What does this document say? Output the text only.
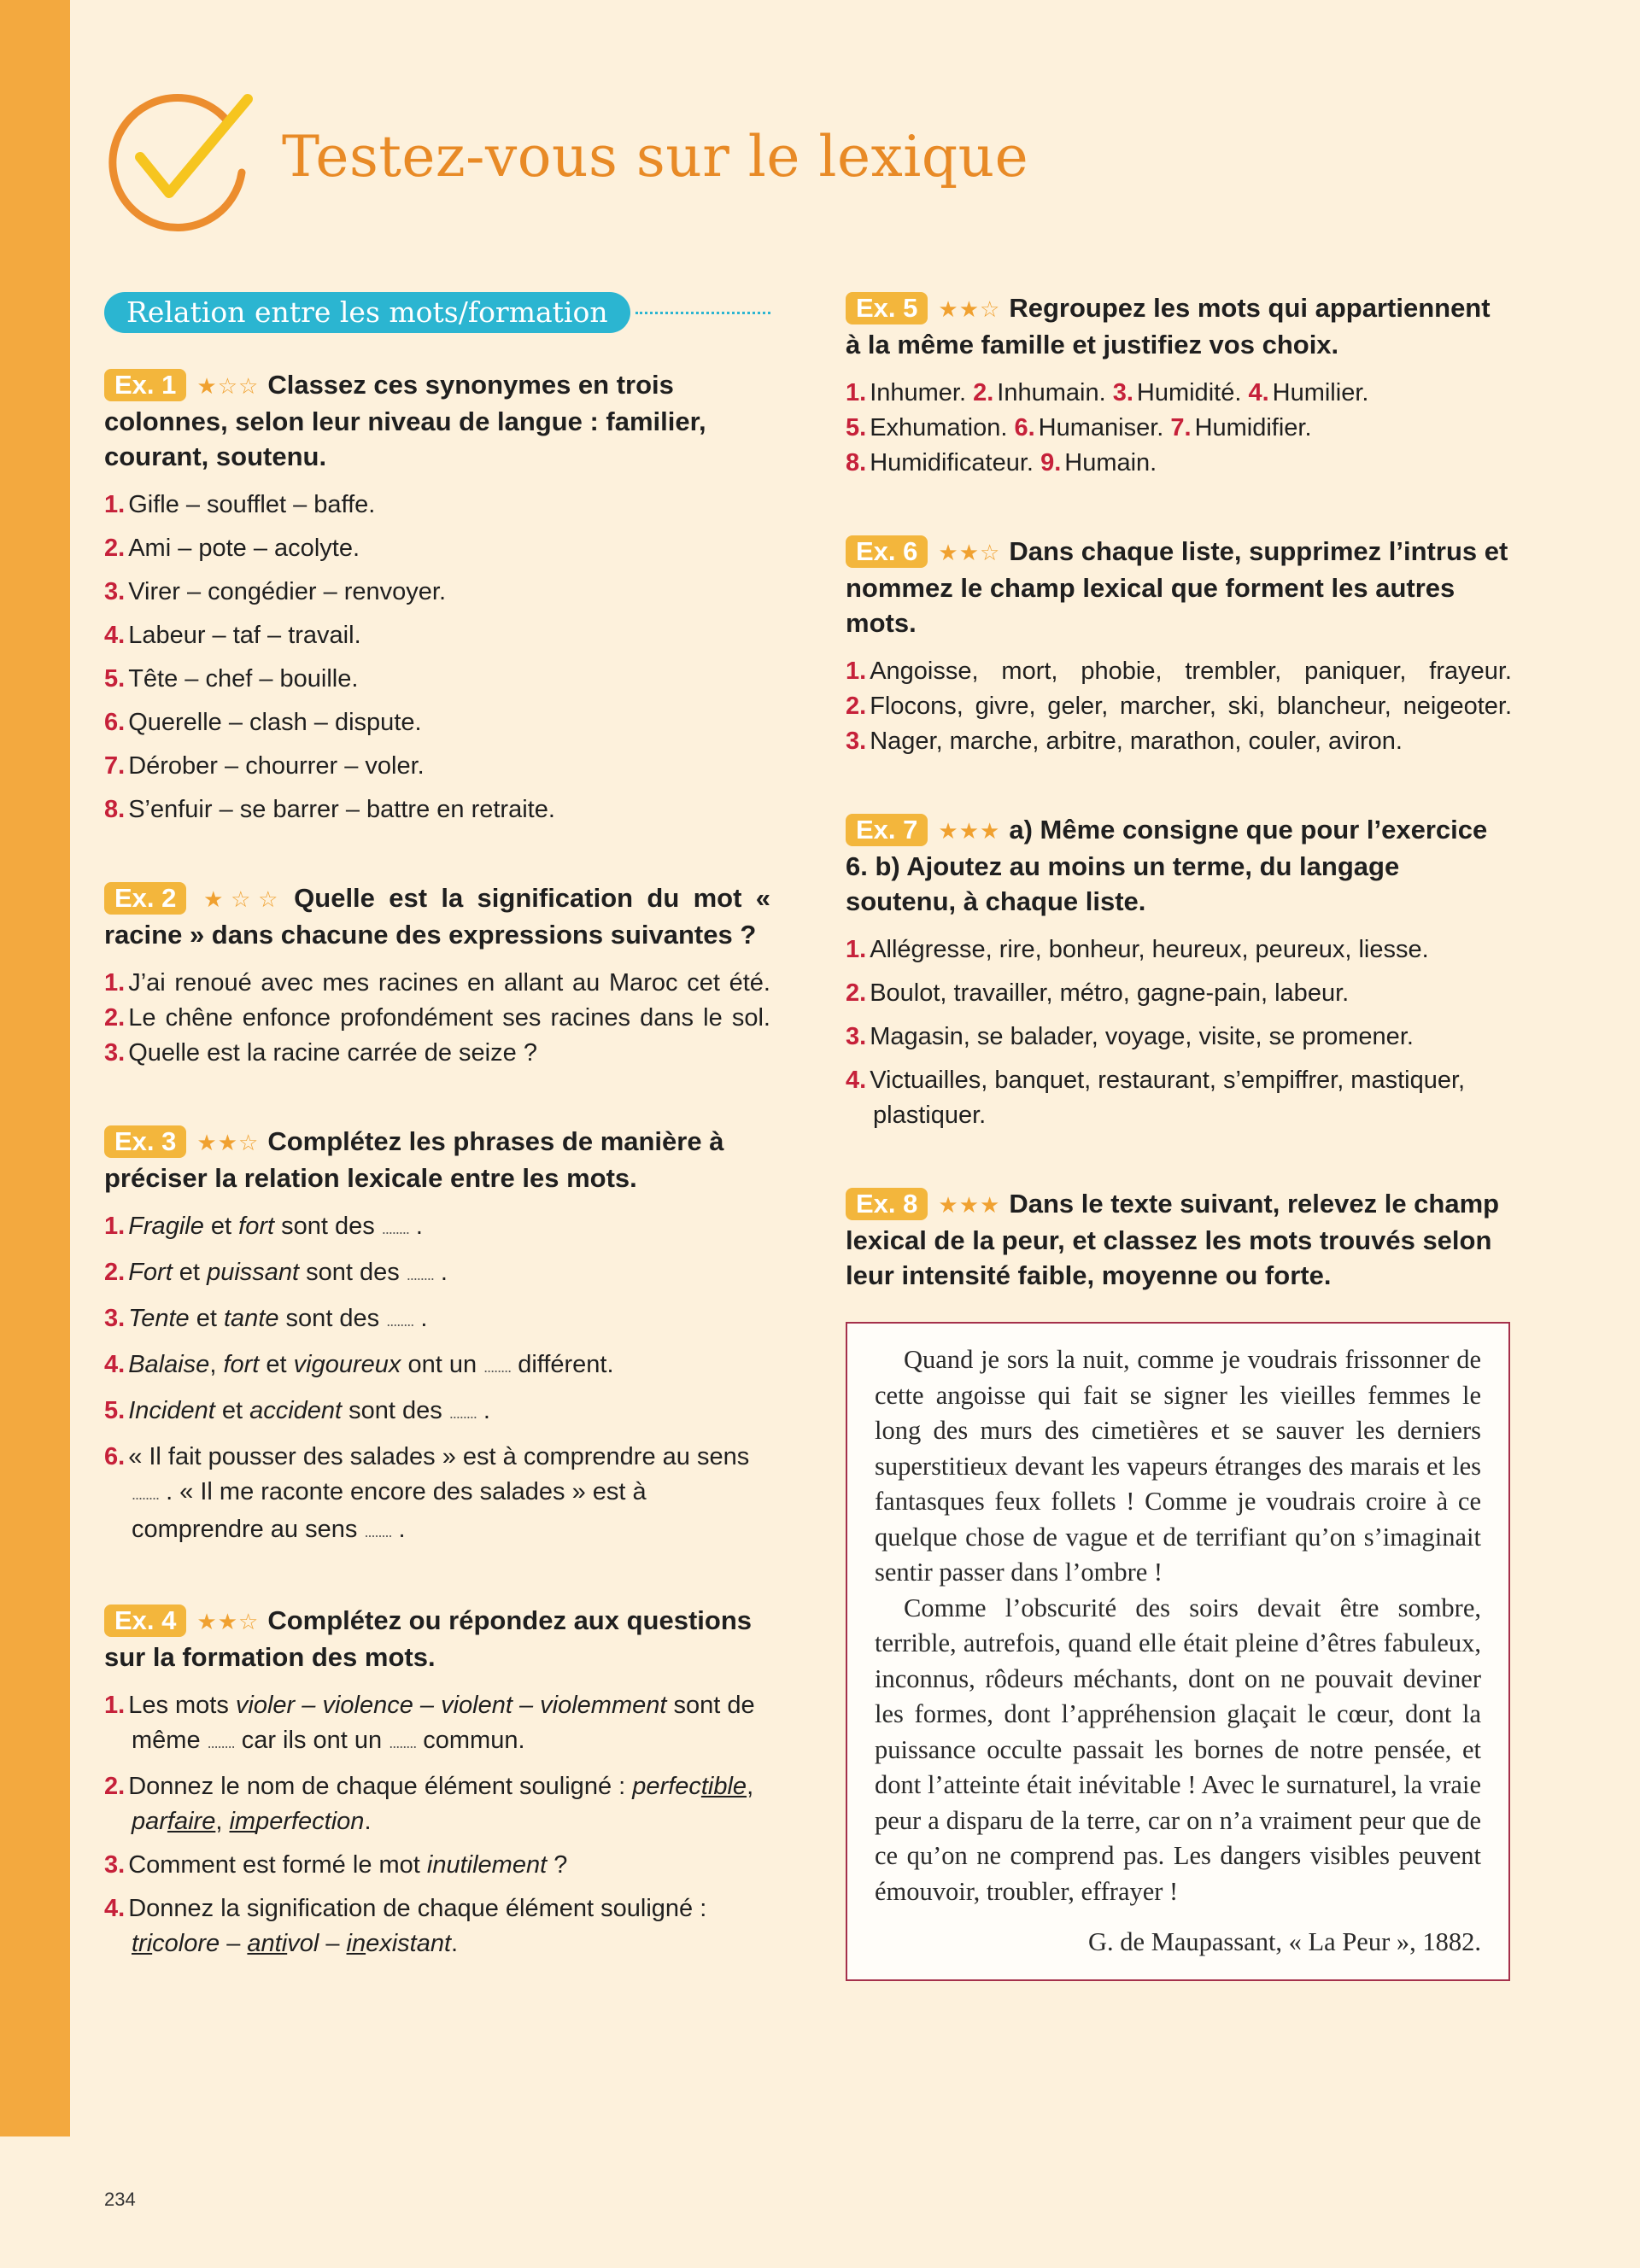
Testez-vous sur le lexique
Relation entre les mots/formation

Ex. 1 ★☆☆ Classez ces synonymes en trois colonnes, selon leur niveau de langue : familier, courant, soutenu.

1. Gifle – soufflet – baffe.
2. Ami – pote – acolyte.
3. Virer – congédier – renvoyer.
4. Labeur – taf – travail.
5. Tête – chef – bouille.
6. Querelle – clash – dispute.
7. Dérober – chourrer – voler.
8. S’enfuir – se barrer – battre en retraite.

Ex. 2 ★☆☆ Quelle est la signification du mot « racine » dans chacune des expressions suivantes ?

1. J’ai renoué avec mes racines en allant au Maroc cet été. 2. Le chêne enfonce profondément ses racines dans le sol. 3. Quelle est la racine carrée de seize ?

Ex. 3 ★★☆ Complétez les phrases de manière à préciser la relation lexicale entre les mots.

1. Fragile et fort sont des ........ .
2. Fort et puissant sont des ........ .
3. Tente et tante sont des ........ .
4. Balaise, fort et vigoureux ont un ........ différent.
5. Incident et accident sont des ........ .
6. « Il fait pousser des salades » est à comprendre au sens ........ . « Il me raconte encore des salades » est à comprendre au sens ........ .

Ex. 4 ★★☆ Complétez ou répondez aux questions sur la formation des mots.

1. Les mots violer – violence – violent – violemment sont de même ........ car ils ont un ........ commun.
2. Donnez le nom de chaque élément souligné : perfectible, parfaire, imperfection.
3. Comment est formé le mot inutilement ?
4. Donnez la signification de chaque élément souligné : tricolore – antivol – inexistant.

Ex. 5 ★★☆ Regroupez les mots qui appartiennent à la même famille et justifiez vos choix.

1. Inhumer. 2. Inhumain. 3. Humidité. 4. Humilier.
5. Exhumation. 6. Humaniser. 7. Humidifier.
8. Humidificateur. 9. Humain.

Ex. 6 ★★☆ Dans chaque liste, supprimez l’intrus et nommez le champ lexical que forment les autres mots.

1. Angoisse, mort, phobie, trembler, paniquer, frayeur. 2. Flocons, givre, geler, marcher, ski, blancheur, neigeoter. 3. Nager, marche, arbitre, marathon, couler, aviron.

Ex. 7 ★★★ a) Même consigne que pour l’exercice 6. b) Ajoutez au moins un terme, du langage soutenu, à chaque liste.

1. Allégresse, rire, bonheur, heureux, peureux, liesse.
2. Boulot, travailler, métro, gagne-pain, labeur.
3. Magasin, se balader, voyage, visite, se promener.
4. Victuailles, banquet, restaurant, s’empiffrer, mastiquer, plastiquer.

Ex. 8 ★★★ Dans le texte suivant, relevez le champ lexical de la peur, et classez les mots trouvés selon leur intensité faible, moyenne ou forte.

Quand je sors la nuit, comme je voudrais frissonner de cette angoisse qui fait se signer les vieilles femmes le long des murs des cimetières et se sauver les derniers superstitieux devant les vapeurs étranges des marais et les fantasques feux follets ! Comme je voudrais croire à ce quelque chose de vague et de terrifiant qu’on s’imaginait sentir passer dans l’ombre !

Comme l’obscurité des soirs devait être sombre, terrible, autrefois, quand elle était pleine d’êtres fabuleux, inconnus, rôdeurs méchants, dont on ne pouvait deviner les formes, dont l’appréhension glaçait le cœur, dont la puissance occulte passait les bornes de notre pensée, et dont l’atteinte était inévitable ! Avec le surnaturel, la vraie peur a disparu de la terre, car on n’a vraiment peur que de ce qu’on ne comprend pas. Les dangers visibles peuvent émouvoir, troubler, effrayer !

G. de Maupassant, « La Peur », 1882.

234
